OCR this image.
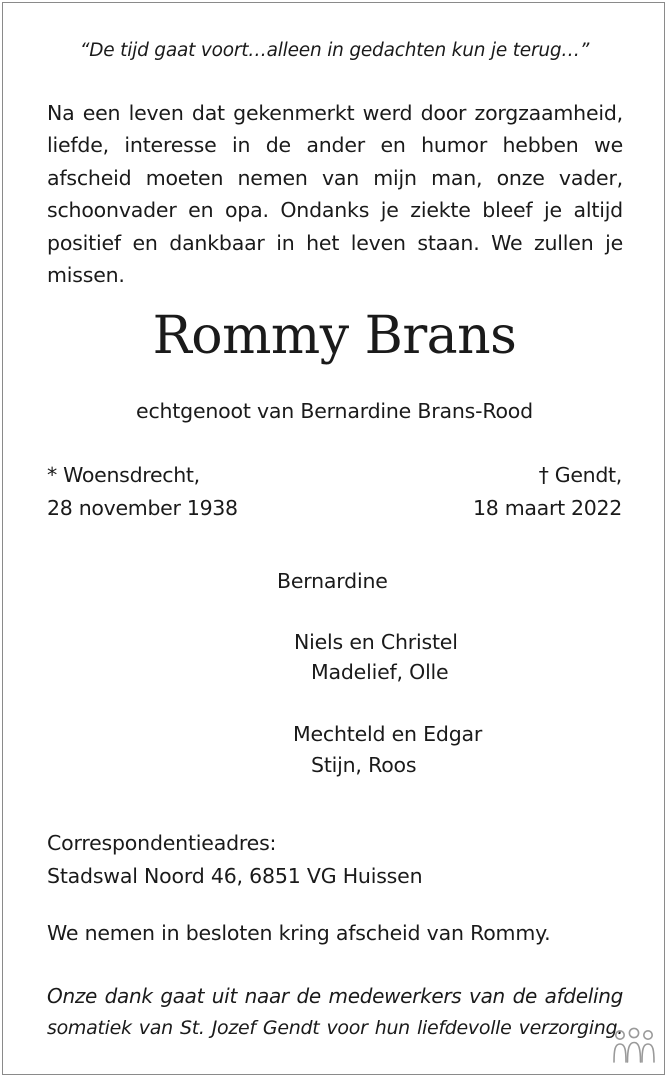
“De tijd gaat voort…alleen in gedachten kun je terug…”
Na een leven dat gekenmerkt werd door zorgzaamheid,
liefde, interesse in de ander en humor hebben we
afscheid moeten nemen van mijn man, onze vader,
schoonvader en opa. Ondanks je ziekte bleef je altijd
positief en dankbaar in het leven staan. We zullen je
missen.
Rommy Brans
echtgenoot van Bernardine Brans-Rood
* Woensdrecht,
28 november 1938
† Gendt,
18 maart 2022
Bernardine
Niels en Christel
Madelief, Olle
Mechteld en Edgar
Stijn, Roos
Correspondentieadres:
Stadswal Noord 46, 6851 VG Huissen
We nemen in besloten kring afscheid van Rommy.
Onze dank gaat uit naar de medewerkers van de afdeling
somatiek van St. Jozef Gendt voor hun liefdevolle verzorging.
